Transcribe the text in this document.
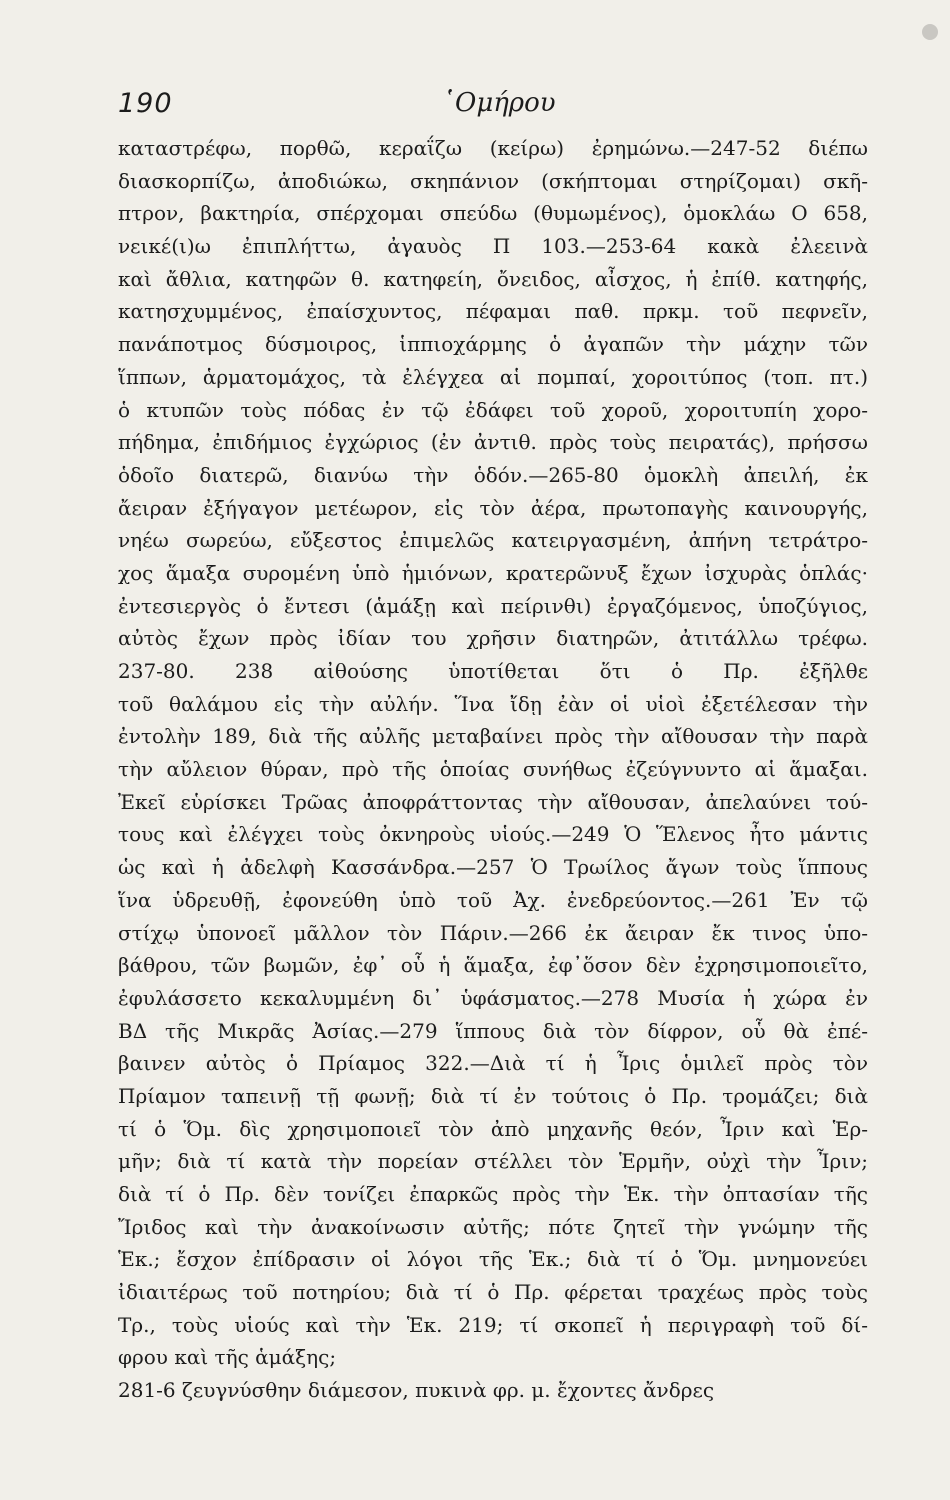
190	῾Ομήρου
καταστρέφω, πορθῶ, κεραΐζω (κείρω) ἐρημώνω.—247-52 διέπω
διασκορπίζω, ἀποδιώκω, σκηπάνιον (σκήπτομαι στηρίζομαι) σκῆ-
πτρον, βακτηρία, σπέρχομαι σπεύδω (θυμωμένος), ὁμοκλάω Ο 658,
νεικέ(ι)ω ἐπιπλήττω, ἀγαυὸς Π 103.—253-64 κακὰ ἐλεεινὰ
καὶ ἄθλια, κατηφῶν θ. κατηφείη, ὄνειδος, αἶσχος, ἡ ἐπίθ. κατηφής,
κατησχυμμένος, ἐπαίσχυντος, πέφαμαι παθ. πρκμ. τοῦ πεφνεῖν,
πανάποτμος δύσμοιρος, ἱππιοχάρμης ὁ ἀγαπῶν τὴν μάχην τῶν
ἵππων, ἁρματομάχος, τὰ ἐλέγχεα αἱ πομπαί, χοροιτύπος (τοπ. πτ.)
ὁ κτυπῶν τοὺς πόδας ἐν τῷ ἐδάφει τοῦ χοροῦ, χοροιτυπίη χορο-
πήδημα, ἐπιδήμιος ἐγχώριος (ἐν ἀντιθ. πρὸς τοὺς πειρατάς), πρήσσω
ὁδοῖο διατερῶ, διανύω τὴν ὁδόν.—265-80 ὁμοκλὴ ἀπειλή, ἐκ
ἄειραν ἐξήγαγον μετέωρον, εἰς τὸν ἀέρα, πρωτοπαγὴς καινουργής,
νηέω σωρεύω, εὔξεστος ἐπιμελῶς κατειργασμένη, ἀπήνη τετράτρο-
χος ἅμαξα συρομένη ὑπὸ ἡμιόνων, κρατερῶνυξ ἔχων ἰσχυρὰς ὁπλάς·
ἐντεσιεργὸς ὁ ἔντεσι (ἁμάξῃ καὶ πείρινθι) ἐργαζόμενος, ὑποζύγιος,
αὐτὸς ἔχων πρὸς ἰδίαν του χρῆσιν διατηρῶν, ἀτιτάλλω τρέφω.
237-80. 238 αἰθούσης ὑποτίθεται ὅτι ὁ Πρ. ἐξῆλθε
τοῦ θαλάμου εἰς τὴν αὐλήν. Ἵνα ἴδῃ ἐὰν οἱ υἱοὶ ἐξετέλεσαν τὴν
ἐντολὴν 189, διὰ τῆς αὐλῆς μεταβαίνει πρὸς τὴν αἴθουσαν τὴν παρὰ
τὴν αὔλειον θύραν, πρὸ τῆς ὁποίας συνήθως ἐζεύγνυντο αἱ ἅμαξαι.
Ἐκεῖ εὑρίσκει Τρῶας ἀποφράττοντας τὴν αἴθουσαν, ἀπελαύνει τού-
τους καὶ ἐλέγχει τοὺς ὀκνηροὺς υἱούς.—249 Ὁ Ἕλενος ἦτο μάντις
ὡς καὶ ἡ ἀδελφὴ Κασσάνδρα.—257 Ὁ Τρωίλος ἄγων τοὺς ἵππους
ἵνα ὑδρευθῇ, ἐφονεύθη ὑπὸ τοῦ Ἀχ. ἐνεδρεύοντος.—261 Ἐν τῷ
στίχῳ ὑπονοεῖ μᾶλλον τὸν Πάριν.—266 ἐκ ἄειραν ἔκ τινος ὑπο-
βάθρου, τῶν βωμῶν, ἐφ᾽ οὗ ἡ ἅμαξα, ἐφ᾽ὅσον δὲν ἐχρησιμοποιεῖτο,
ἐφυλάσσετο κεκαλυμμένη δι᾽ ὑφάσματος.—278 Μυσία ἡ χώρα ἐν
ΒΔ τῆς Μικρᾶς Ἀσίας.—279 ἵππους διὰ τὸν δίφρον, οὗ θὰ ἐπέ-
βαινεν αὐτὸς ὁ Πρίαμος 322.—Διὰ τί ἡ Ἶρις ὁμιλεῖ πρὸς τὸν
Πρίαμον ταπεινῇ τῇ φωνῇ; διὰ τί ἐν τούτοις ὁ Πρ. τρομάζει; διὰ
τί ὁ Ὅμ. δὶς χρησιμοποιεῖ τὸν ἀπὸ μηχανῆς θεόν, Ἶριν καὶ Ἑρ-
μῆν; διὰ τί κατὰ τὴν πορείαν στέλλει τὸν Ἑρμῆν, οὐχὶ τὴν Ἶριν;
διὰ τί ὁ Πρ. δὲν τονίζει ἐπαρκῶς πρὸς τὴν Ἑκ. τὴν ὀπτασίαν τῆς
Ἴριδος καὶ τὴν ἀνακοίνωσιν αὐτῆς; πότε ζητεῖ τὴν γνώμην τῆς
Ἑκ.; ἔσχον ἐπίδρασιν οἱ λόγοι τῆς Ἑκ.; διὰ τί ὁ Ὅμ. μνημονεύει
ἰδιαιτέρως τοῦ ποτηρίου; διὰ τί ὁ Πρ. φέρεται τραχέως πρὸς τοὺς
Τρ., τοὺς υἱούς καὶ τὴν Ἑκ. 219; τί σκοπεῖ ἡ περιγραφὴ τοῦ δί-
φρου καὶ τῆς ἁμάξης;
281-6 ζευγνύσθην διάμεσον, πυκινὰ φρ. μ. ἔχοντες ἄνδρες
